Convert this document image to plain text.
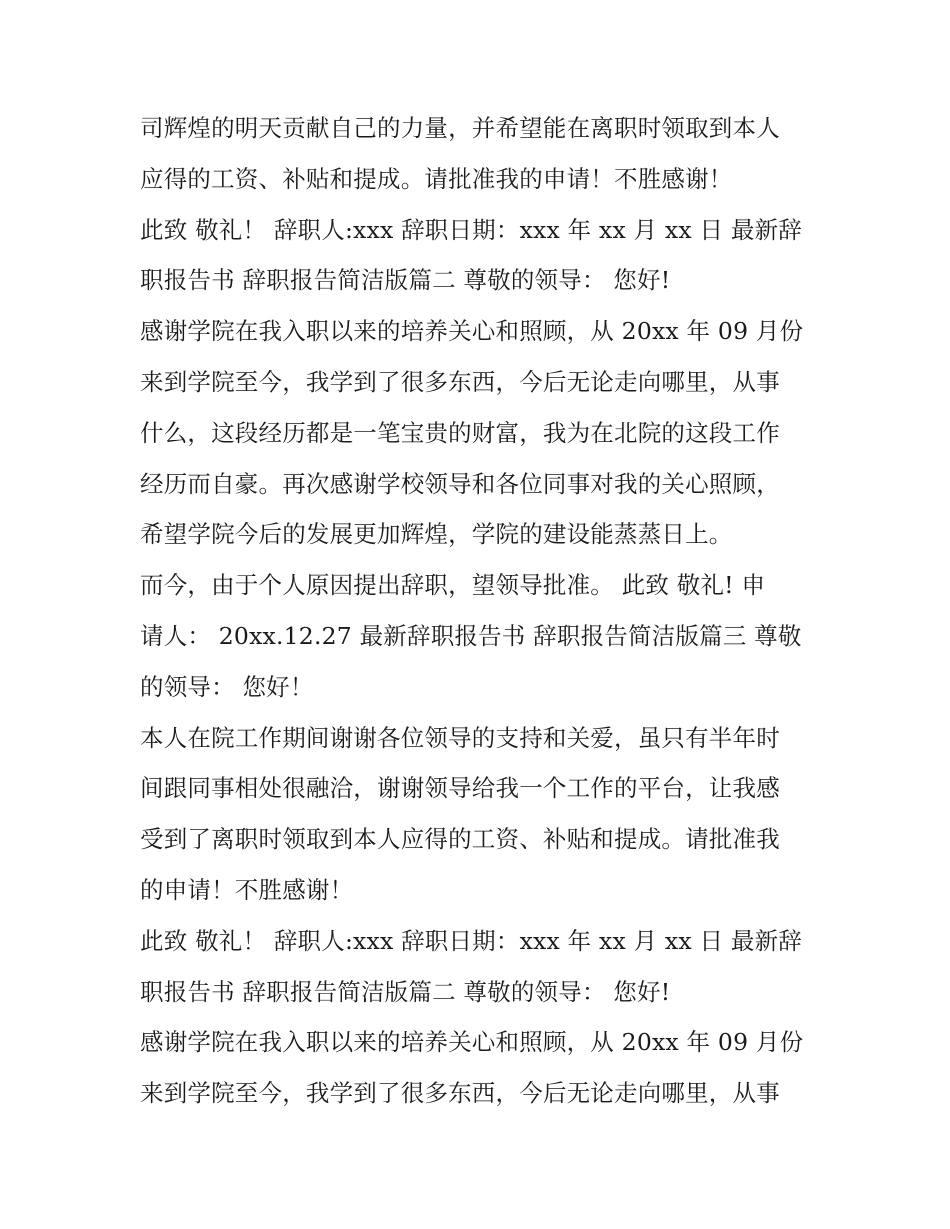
司辉煌的明天贡献自己的力量，并希望能在离职时领取到本人
应得的工资、补贴和提成。请批准我的申请！不胜感谢！
此致 敬礼！ 辞职人:xxx 辞职日期：xxx 年 xx 月 xx 日 最新辞
职报告书 辞职报告简洁版篇二 尊敬的领导： 您好!
感谢学院在我入职以来的培养关心和照顾，从 20xx 年 09 月份
来到学院至今，我学到了很多东西，今后无论走向哪里，从事
什么，这段经历都是一笔宝贵的财富，我为在北院的这段工作
经历而自豪。再次感谢学校领导和各位同事对我的关心照顾，
希望学院今后的发展更加辉煌，学院的建设能蒸蒸日上。
而今，由于个人原因提出辞职，望领导批准。 此致 敬礼! 申
请人： 20xx.12.27 最新辞职报告书 辞职报告简洁版篇三 尊敬
的领导： 您好！
本人在院工作期间谢谢各位领导的支持和关爱，虽只有半年时
间跟同事相处很融洽，谢谢领导给我一个工作的平台，让我感
受到了离职时领取到本人应得的工资、补贴和提成。请批准我
的申请！不胜感谢！
此致 敬礼！ 辞职人:xxx 辞职日期：xxx 年 xx 月 xx 日 最新辞
职报告书 辞职报告简洁版篇二 尊敬的领导： 您好!
感谢学院在我入职以来的培养关心和照顾，从 20xx 年 09 月份
来到学院至今，我学到了很多东西，今后无论走向哪里，从事
